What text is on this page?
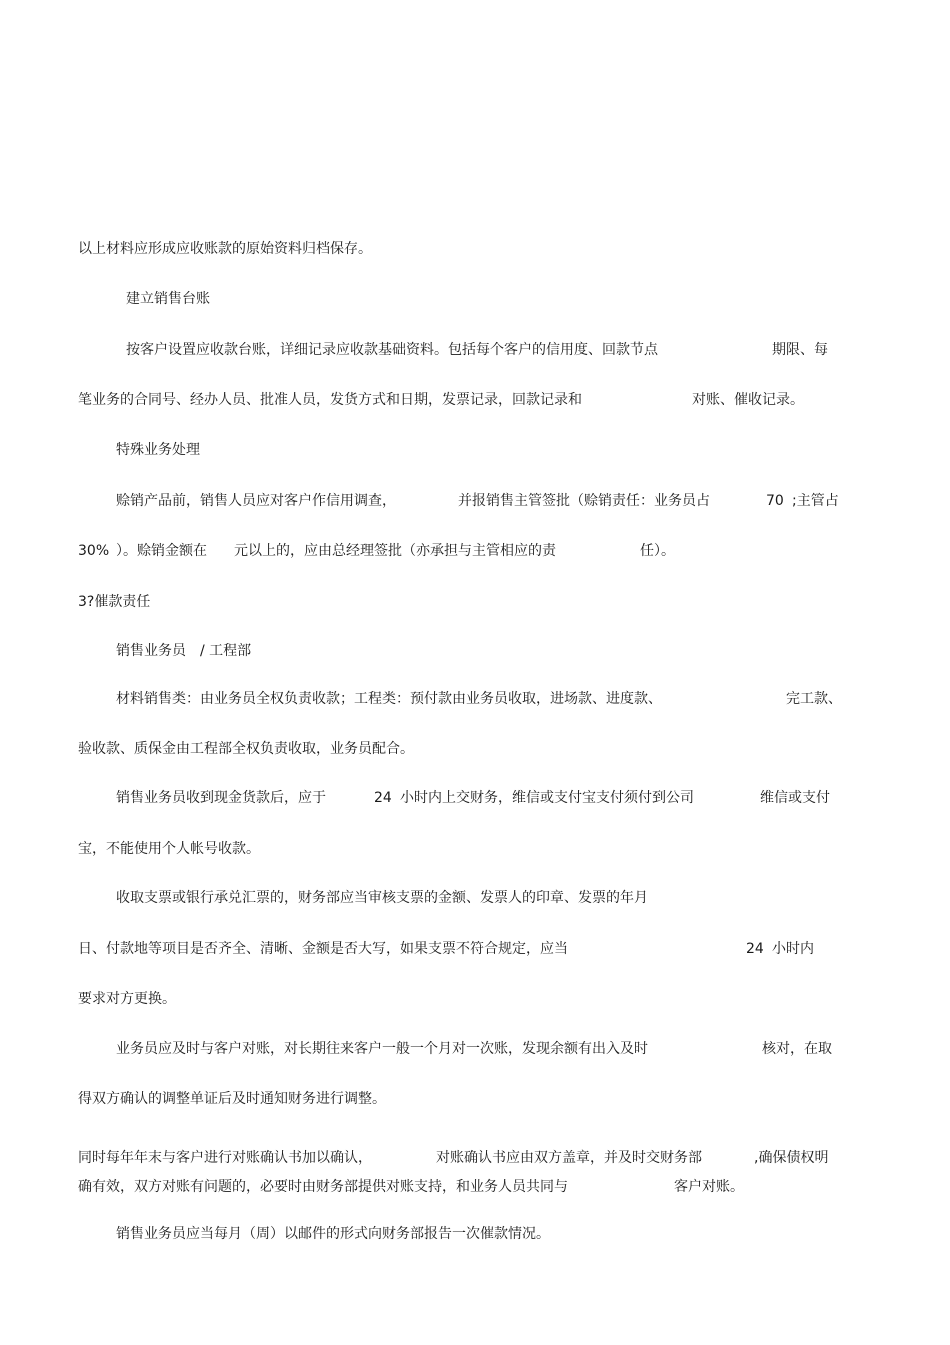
以上材料应形成应收账款的原始资料归档保存。

建立销售台账

按客户设置应收款台账，详细记录应收款基础资料。包括每个客户的信用度、回款节点

	期限、每

笔业务的合同号、经办人员、批准人员，发货方式和日期，发票记录，回款记录和

	对账、催收记录。

特殊业务处理

赊销产品前，销售人员应对客户作信用调查，

	并报销售主管签批（赊销责任：业务员占

	70

;主管占

30%

）。赊销金额在

元以上的，应由总经理签批（亦承担与主管相应的责

	任）。

3?催款责任

销售业务员

/ 工程部

材料销售类：由业务员全权负责收款；工程类：预付款由业务员收取，进场款、进度款、

	完工款、

验收款、质保金由工程部全权负责收取，业务员配合。

销售业务员收到现金货款后，应于

	24

小时内上交财务，维信或支付宝支付须付到公司

	维信或支付

宝，不能使用个人帐号收款。

收取支票或银行承兑汇票的，财务部应当审核支票的金额、发票人的印章、发票的年月

日、付款地等项目是否齐全、清晰、金额是否大写，如果支票不符合规定，应当

	24

小时内

要求对方更换。

业务员应及时与客户对账，对长期往来客户一般一个月对一次账，发现余额有出入及时

	核对，在取

得双方确认的调整单证后及时通知财务进行调整。

同时每年年末与客户进行对账确认书加以确认，

	对账确认书应由双方盖章，并及时交财务部

	,确保债权明

确有效，双方对账有问题的，必要时由财务部提供对账支持，和业务人员共同与

	客户对账。

销售业务员应当每月（周）以邮件的形式向财务部报告一次催款情况。
